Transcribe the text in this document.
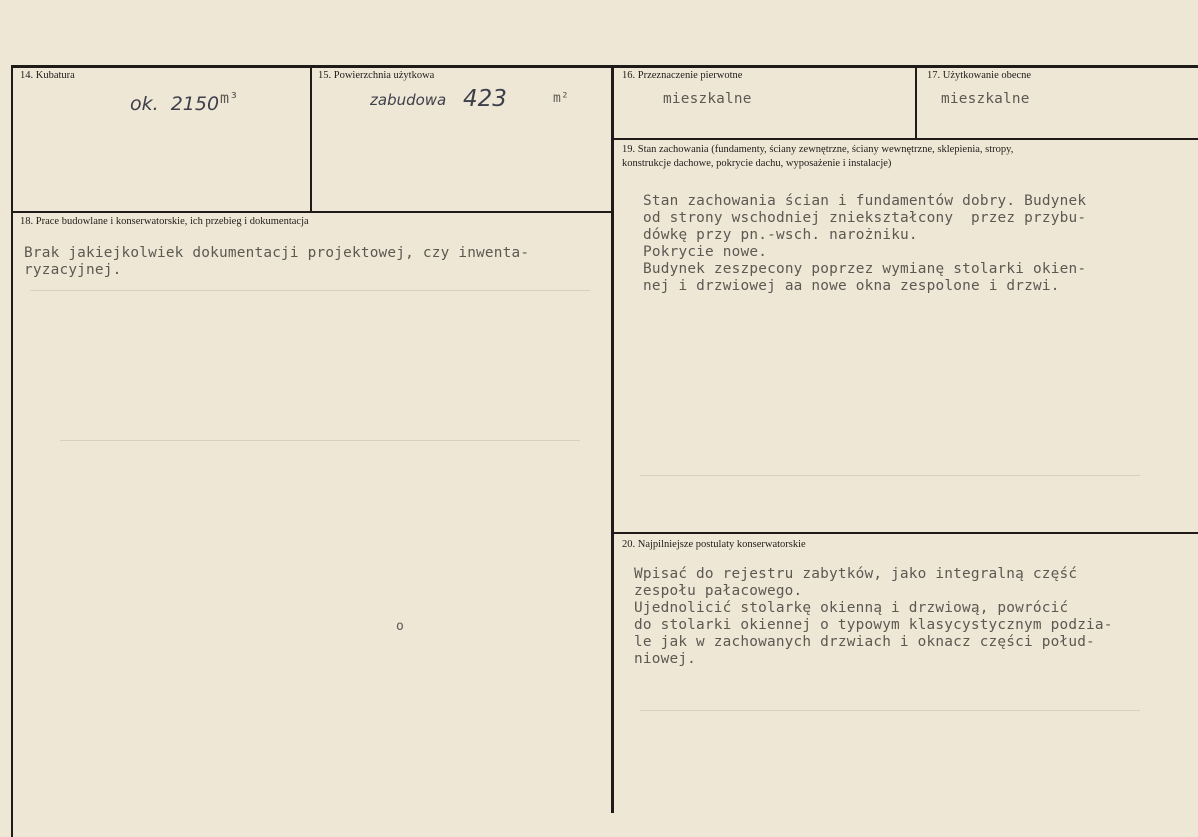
14. Kubatura
ok. 2150 m³
15. Powierzchnia użytkowa
zabudowa 423	m²
16. Przeznaczenie pierwotne
mieszkalne
17. Użytkowanie obecne
mieszkalne
18. Prace budowlane i konserwatorskie, ich przebieg i dokumentacja
Brak jakiejkolwiek dokumentacji projektowej, czy inwenta-
ryzacyjnej.
o
19. Stan zachowania (fundamenty, ściany zewnętrzne, ściany wewnętrzne, sklepienia, stropy,
konstrukcje dachowe, pokrycie dachu, wyposażenie i instalacje)
Stan zachowania ścian i fundamentów dobry. Budynek
od strony wschodniej zniekształcony  przez przybu-
dówkę przy pn.-wsch. narożniku.
Pokrycie nowe.
Budynek zeszpecony poprzez wymianę stolarki okien-
nej i drzwiowej aa nowe okna zespolone i drzwi.
20. Najpilniejsze postulaty konserwatorskie
Wpisać do rejestru zabytków, jako integralną część
zespołu pałacowego.
Ujednolicić stolarkę okienną i drzwiową, powrócić
do stolarki okiennej o typowym klasycystycznym podzia-
le jak w zachowanych drzwiach i oknacz części połud-
niowej.
